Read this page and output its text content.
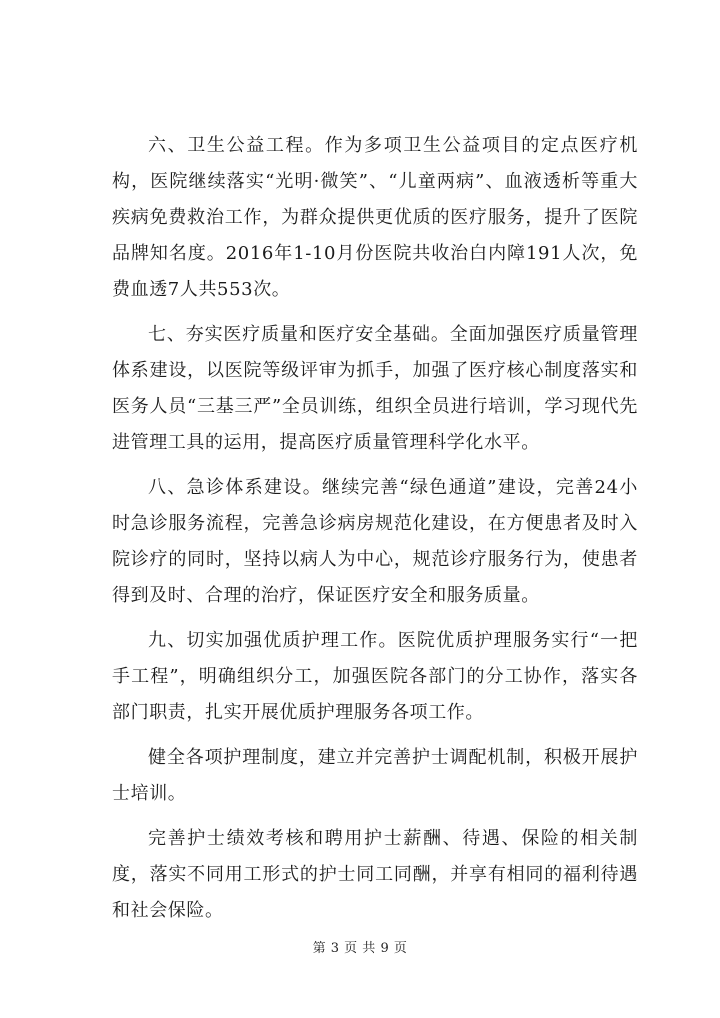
六、卫生公益工程。作为多项卫生公益项目的定点医疗机构，医院继续落实“光明·微笑”、“儿童两病”、血液透析等重大疾病免费救治工作，为群众提供更优质的医疗服务，提升了医院品牌知名度。2016年1-10月份医院共收治白内障191人次，免费血透7人共553次。

七、夯实医疗质量和医疗安全基础。全面加强医疗质量管理体系建设，以医院等级评审为抓手，加强了医疗核心制度落实和医务人员“三基三严”全员训练，组织全员进行培训，学习现代先进管理工具的运用，提高医疗质量管理科学化水平。

八、急诊体系建设。继续完善“绿色通道”建设，完善24小时急诊服务流程，完善急诊病房规范化建设，在方便患者及时入院诊疗的同时，坚持以病人为中心，规范诊疗服务行为，使患者得到及时、合理的治疗，保证医疗安全和服务质量。

九、切实加强优质护理工作。医院优质护理服务实行“一把手工程”，明确组织分工，加强医院各部门的分工协作，落实各部门职责，扎实开展优质护理服务各项工作。

健全各项护理制度，建立并完善护士调配机制，积极开展护士培训。

完善护士绩效考核和聘用护士薪酬、待遇、保险的相关制度，落实不同用工形式的护士同工同酬，并享有相同的福利待遇和社会保险。

第 3 页 共 9 页
